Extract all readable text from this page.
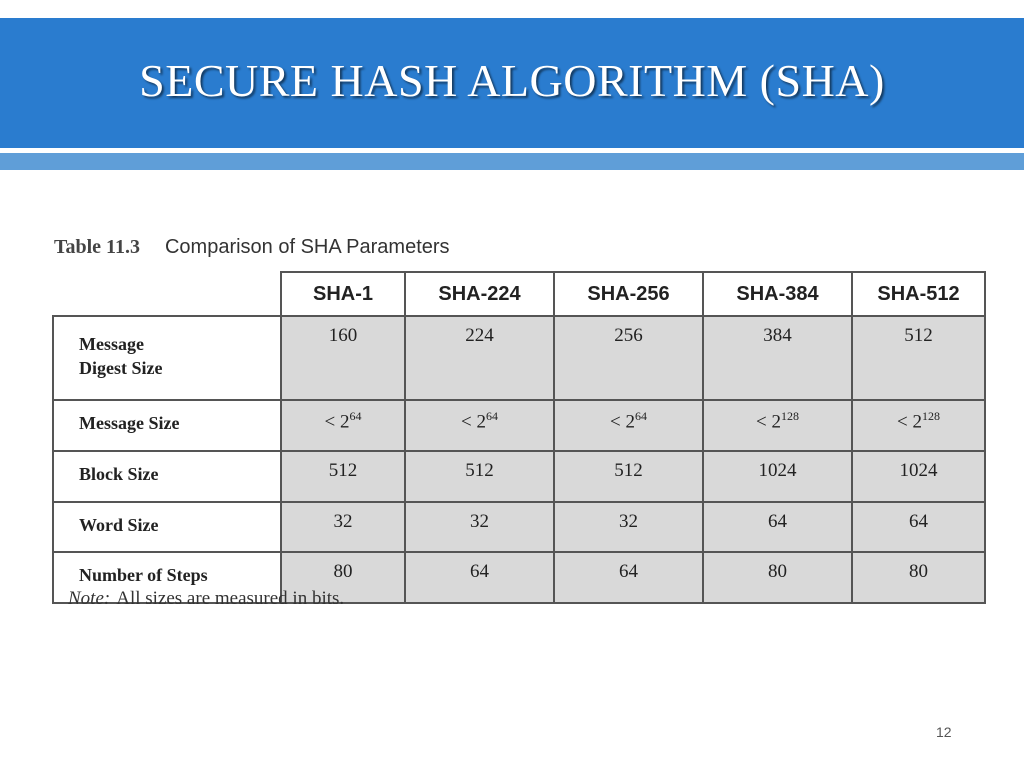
SECURE HASH ALGORITHM (SHA)
Table 11.3 Comparison of SHA Parameters
	SHA-1	SHA-224	SHA-256	SHA-384	SHA-512
Message
Digest Size	160	224	256	384	512
Message Size	< $2^{64}$	< $2^{64}$	< $2^{64}$	< $2^{128}$	< $2^{128}$
Block Size	512	512	512	1024	1024
Word Size	32	32	32	64	64
Number of Steps	80	64	64	80	80
Note: All sizes are measured in bits.
12
